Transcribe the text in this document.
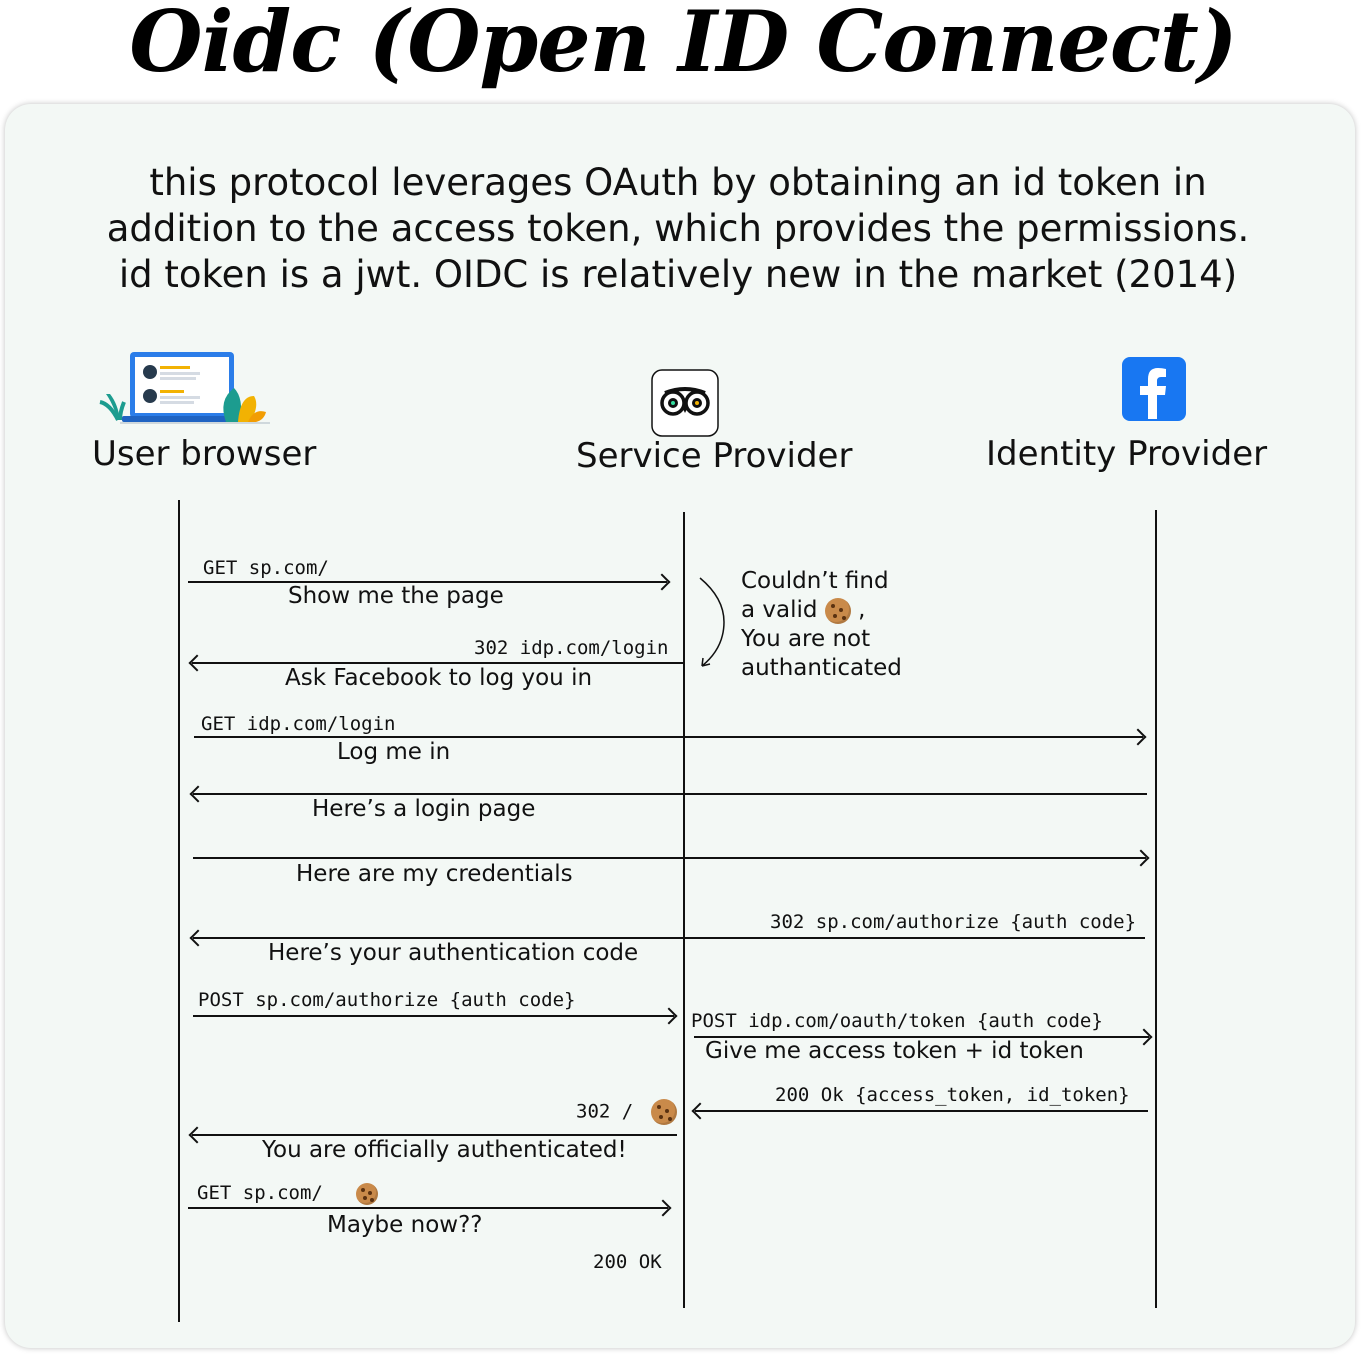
Oidc (Open ID Connect)
this protocol leverages OAuth by obtaining an id token in
addition to the access token, which provides the permissions.
id token is a jwt. OIDC is relatively new in the market (2014)
User browser	Service Provider	Identity Provider
Couldn’t find
a valid ,
You are not
authanticated
GET sp.com/
Show me the page
302 idp.com/login
Ask Facebook to log you in
GET idp.com/login
Log me in
Here’s a login page
Here are my credentials
302 sp.com/authorize {auth code}
Here’s your authentication code
POST sp.com/authorize {auth code}
POST idp.com/oauth/token {auth code}
Give me access token + id token
200 Ok {access_token, id_token}
302 /
You are officially authenticated!
GET sp.com/
Maybe now??
200 OK
